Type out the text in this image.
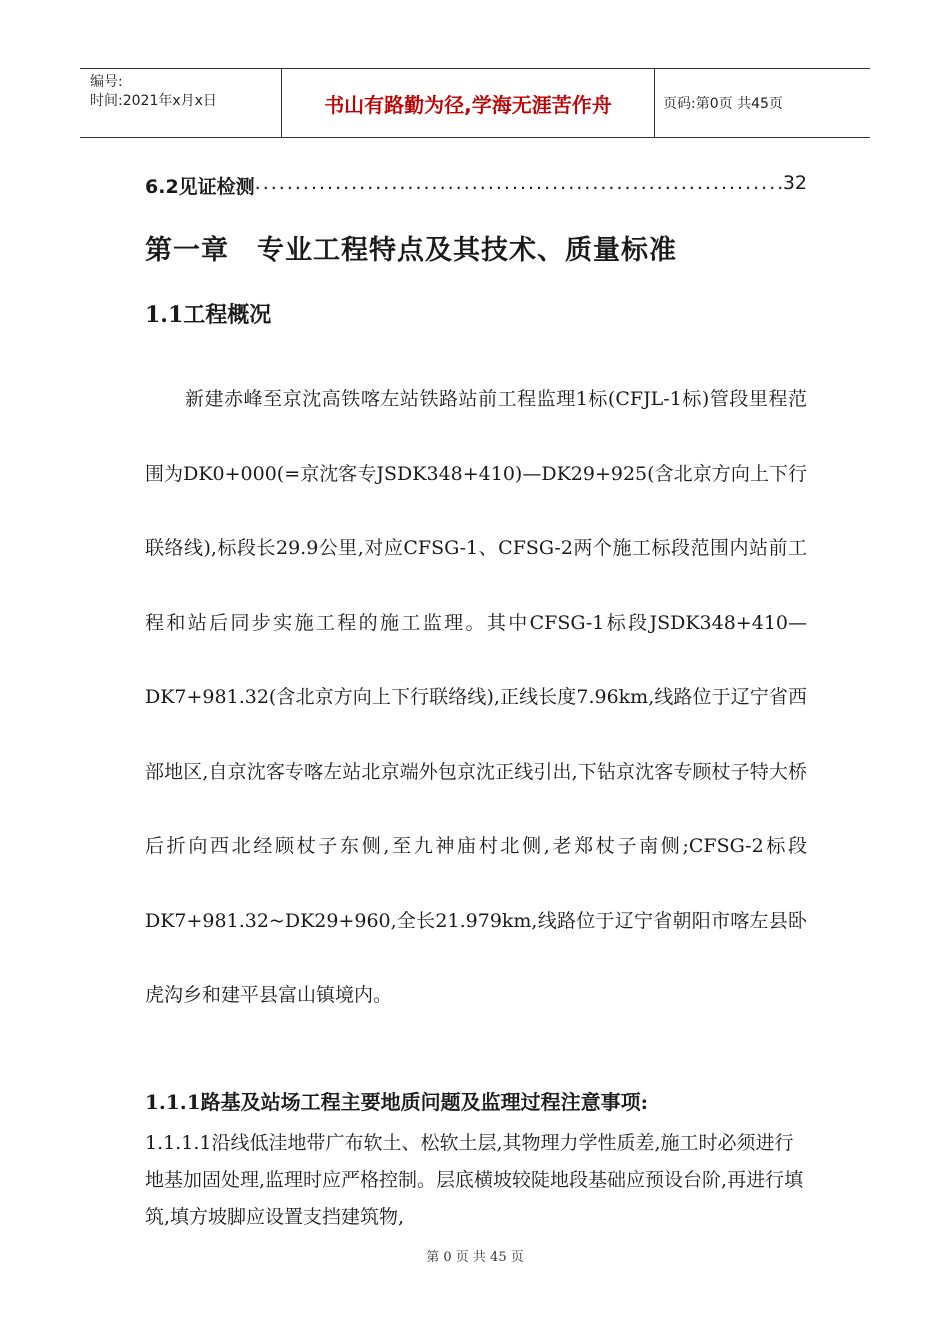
编号:
时间:2021年x月x日	书山有路勤为径,学海无涯苦作舟	页码:第0页 共45页
6.2见证检测
.....	32
第一章 专业工程特点及其技术、质量标准
1.1工程概况

新建赤峰至京沈高铁喀左站铁路站前工程监理1标(CFJL-1标)管段里程范围为DK0+000(=京沈客专JSDK348+410)—DK29+925(含北京方向上下行联络线),标段长29.9公里,对应CFSG-1、CFSG-2两个施工标段范围内站前工程和站后同步实施工程的施工监理。其中CFSG-1标段JSDK348+410—DK7+981.32(含北京方向上下行联络线),正线长度7.96km,线路位于辽宁省西部地区,自京沈客专喀左站北京端外包京沈正线引出,下钻京沈客专顾杖子特大桥后折向西北经顾杖子东侧,至九神庙村北侧,老郑杖子南侧;CFSG-2标段 DK7+981.32~DK29+960,全长21.979km,线路位于辽宁省朝阳市喀左县卧虎沟乡和建平县富山镇境内。

1.1.1路基及站场工程主要地质问题及监理过程注意事项:

1.1.1.1沿线低洼地带广布软土、松软土层,其物理力学性质差,施工时必须进行地基加固处理,监理时应严格控制。层底横坡较陡地段基础应预设台阶,再进行填筑,填方坡脚应设置支挡建筑物,

第 0 页 共 45 页
